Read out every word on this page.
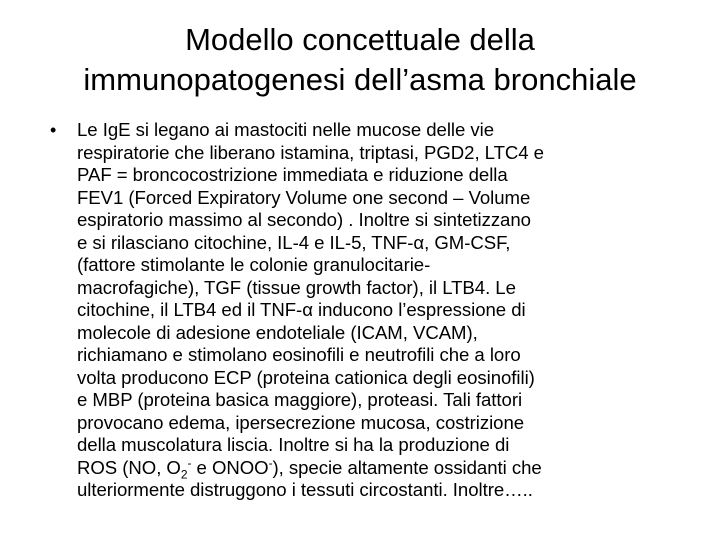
Modello concettuale della
immunopatogenesi dell’asma bronchiale
• Le IgE si legano ai mastociti nelle mucose delle vie
respiratorie che liberano istamina, triptasi, PGD2, LTC4 e
PAF = broncocostrizione immediata e riduzione della
FEV1 (Forced Expiratory Volume one second – Volume
espiratorio massimo al secondo) . Inoltre si sintetizzano
e si rilasciano citochine, IL-4 e IL-5, TNF-α, GM-CSF,
(fattore stimolante le colonie granulocitarie-
macrofagiche), TGF (tissue growth factor), il LTB4. Le
citochine, il LTB4 ed il TNF-α inducono l’espressione di
molecole di adesione endoteliale (ICAM, VCAM),
richiamano e stimolano eosinofili e neutrofili che a loro
volta producono ECP (proteina cationica degli eosinofili)
e MBP (proteina basica maggiore), proteasi. Tali fattori
provocano edema, ipersecrezione mucosa, costrizione
della muscolatura liscia. Inoltre si ha la produzione di
ROS (NO, $O_2^-$ e ONOO-), specie altamente ossidanti che
ulteriormente distruggono i tessuti circostanti. Inoltre…..
